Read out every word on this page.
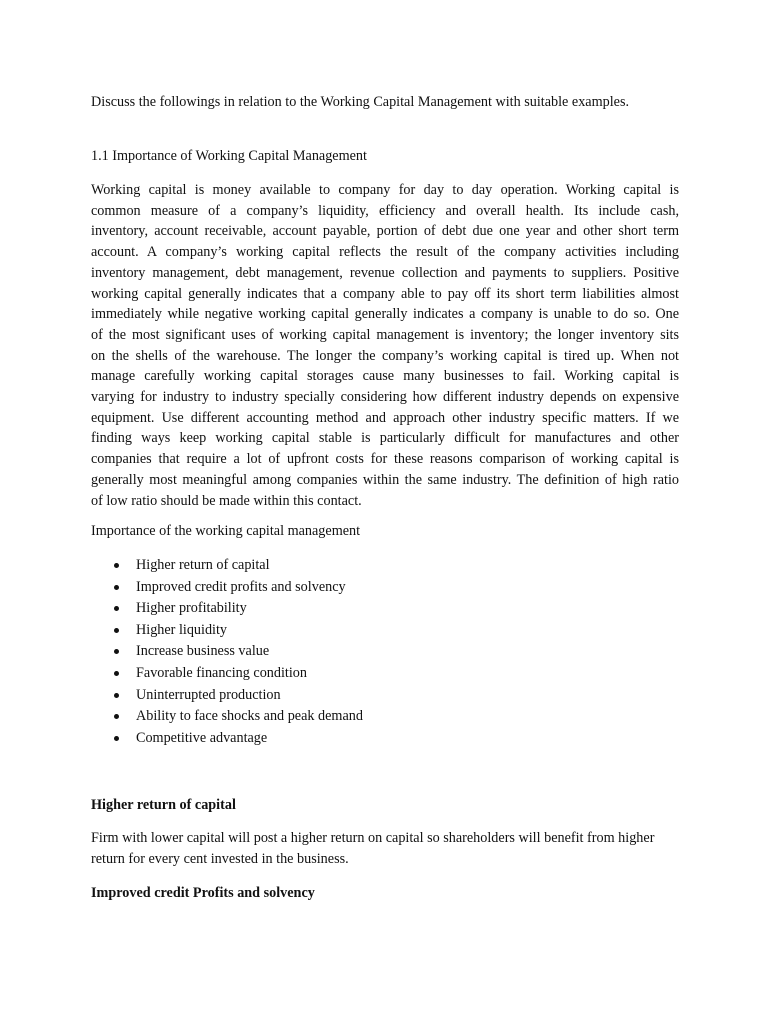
Discuss the followings in relation to the Working Capital Management with suitable examples.

1.1 Importance of Working Capital Management

Working capital is money available to company for day to day operation. Working capital is
common measure of a company’s liquidity, efficiency and overall health. Its include cash,
inventory, account receivable, account payable, portion of debt due one year and other short term
account. A company’s working capital reflects the result of the company activities including
inventory management, debt management, revenue collection and payments to suppliers. Positive
working capital generally indicates that a company able to pay off its short term liabilities almost
immediately while negative working capital generally indicates a company is unable to do so. One
of the most significant uses of working capital management is inventory; the longer inventory sits
on the shells of the warehouse. The longer the company’s working capital is tired up. When not
manage carefully working capital storages cause many businesses to fail. Working capital is
varying for industry to industry specially considering how different industry depends on expensive
equipment. Use different accounting method and approach other industry specific matters. If we
finding ways keep working capital stable is particularly difficult for manufactures and other
companies that require a lot of upfront costs for these reasons comparison of working capital is
generally most meaningful among companies within the same industry. The definition of high ratio
of low ratio should be made within this contact.

Importance of the working capital management

Higher return of capital
Improved credit profits and solvency
Higher profitability
Higher liquidity
Increase business value
Favorable financing condition
Uninterrupted production
Ability to face shocks and peak demand
Competitive advantage

Higher return of capital

Firm with lower capital will post a higher return on capital so shareholders will benefit from higher
return for every cent invested in the business.

Improved credit Profits and solvency
